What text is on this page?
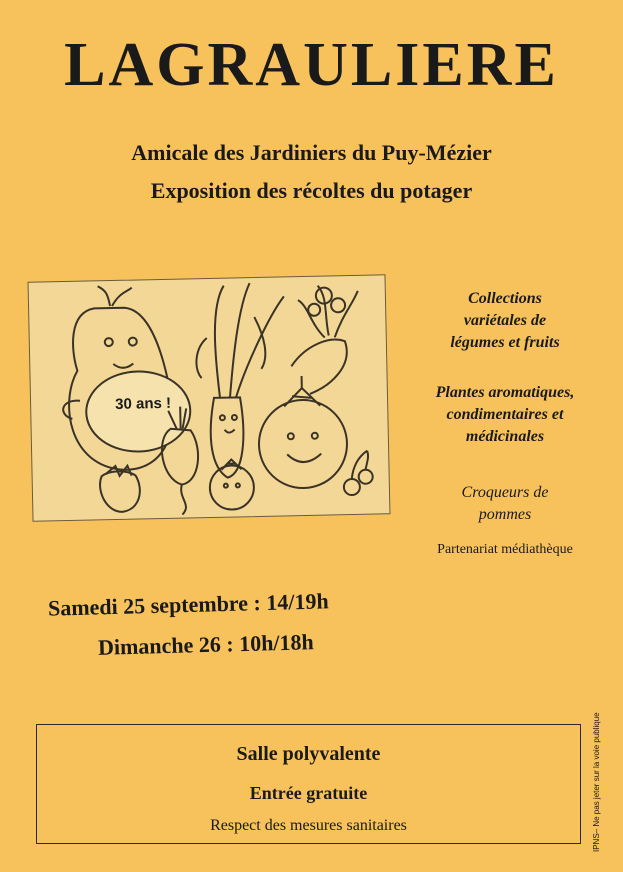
LAGRAULIERE
Amicale des Jardiniers du Puy-Mézier
Exposition des récoltes du potager
30 ans !
Collections
variétales de
légumes et fruits
Plantes aromatiques,
condimentaires et
médicinales
Croqueurs de
pommes
Partenariat médiathèque
Samedi 25 septembre : 14/19h
Dimanche 26 : 10h/18h
Salle polyvalente
Entrée gratuite
Respect des mesures sanitaires	IPNS– Ne pas jeter sur la voie publique
